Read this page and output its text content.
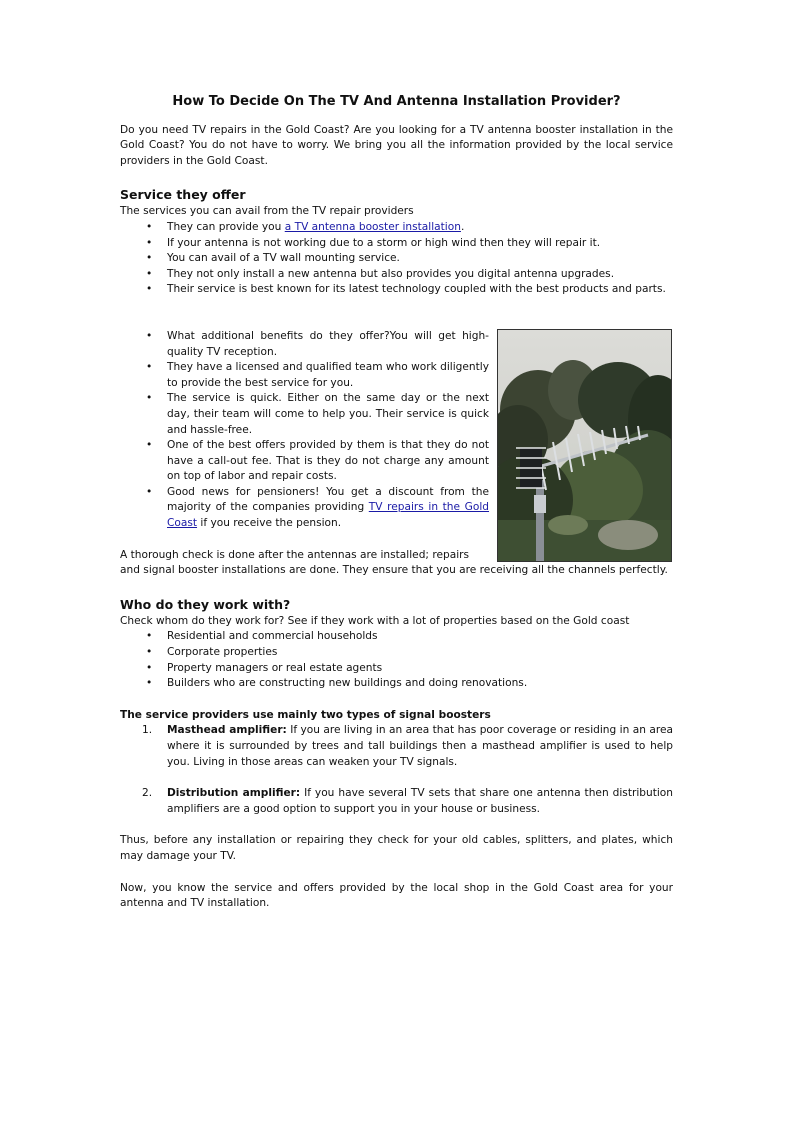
How To Decide On The TV And Antenna Installation Provider?

Do you need TV repairs in the Gold Coast? Are you looking for a TV antenna booster installation in the Gold Coast? You do not have to worry. We bring you all the information provided by the local service providers in the Gold Coast.

Service they offer
The services you can avail from the TV repair providers
• They can provide you a TV antenna booster installation.
• If your antenna is not working due to a storm or high wind then they will repair it.
• You can avail of a TV wall mounting service.
• They not only install a new antenna but also provides you digital antenna upgrades.
• Their service is best known for its latest technology coupled with the best products and parts.
• What additional benefits do they offer?You will get high-quality TV reception.
• They have a licensed and qualified team who work diligently to provide the best service for you.
• The service is quick. Either on the same day or the next day, their team will come to help you. Their service is quick and hassle-free.
• One of the best offers provided by them is that they do not have a call-out fee. That is they do not charge any amount on top of labor and repair costs.
• Good news for pensioners! You get a discount from the majority of the companies providing TV repairs in the Gold Coast if you receive the pension.
A thorough check is done after the antennas are installed; repairs

and signal booster installations are done. They ensure that you are receiving all the channels perfectly.

Who do they work with?
Check whom do they work for? See if they work with a lot of properties based on the Gold coast
• Residential and commercial households
• Corporate properties
• Property managers or real estate agents
• Builders who are constructing new buildings and doing renovations.
The service providers use mainly two types of signal boosters
1. Masthead amplifier: If you are living in an area that has poor coverage or residing in an area where it is surrounded by trees and tall buildings then a masthead amplifier is used to help you. Living in those areas can weaken your TV signals.
2. Distribution amplifier: If you have several TV sets that share one antenna then distribution amplifiers are a good option to support you in your house or business.

Thus, before any installation or repairing they check for your old cables, splitters, and plates, which may damage your TV.

Now, you know the service and offers provided by the local shop in the Gold Coast area for your antenna and TV installation.
